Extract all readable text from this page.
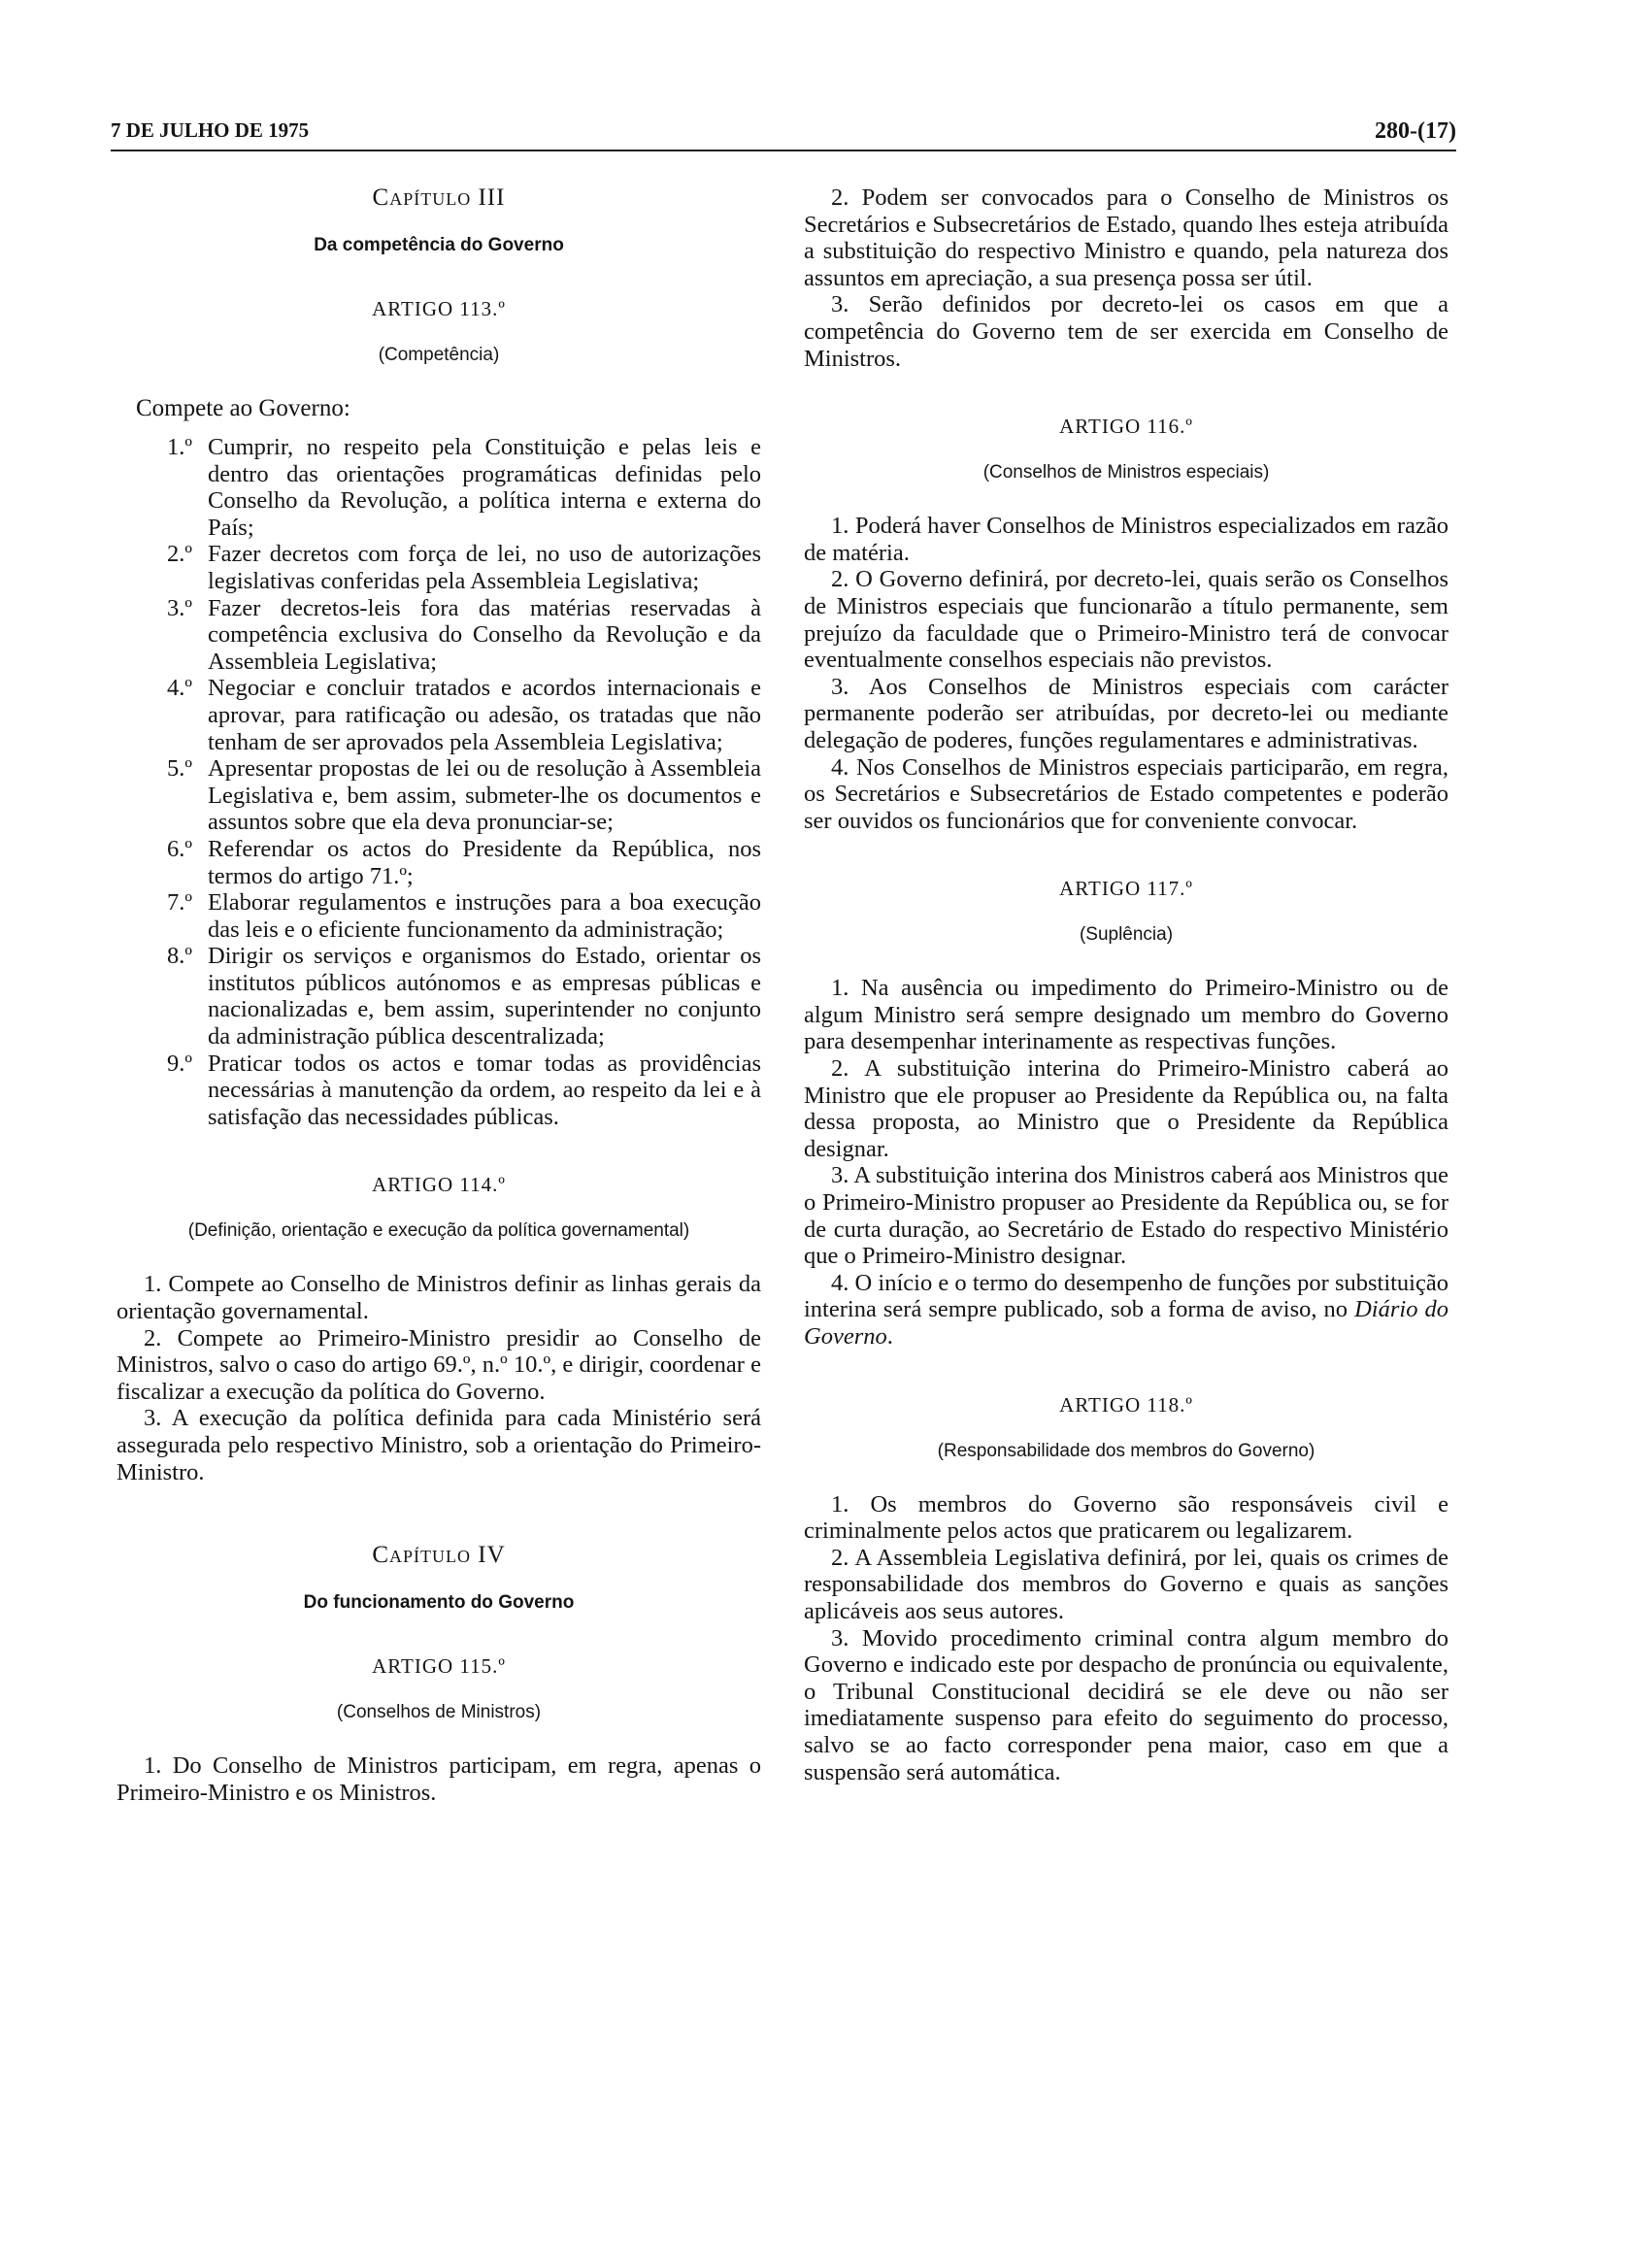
7 DE JULHO DE 1975	280-(17)
Capítulo III
Da competência do Governo
ARTIGO 113.º
(Competência)

Compete ao Governo:

1.º Cumprir, no respeito pela Constituição e pelas leis e dentro das orientações programáticas definidas pelo Conselho da Revolução, a política interna e externa do País;
2.º Fazer decretos com força de lei, no uso de autorizações legislativas conferidas pela Assembleia Legislativa;
3.º Fazer decretos-leis fora das matérias reservadas à competência exclusiva do Conselho da Revolução e da Assembleia Legislativa;
4.º Negociar e concluir tratados e acordos internacionais e aprovar, para ratificação ou adesão, os tratadas que não tenham de ser aprovados pela Assembleia Legislativa;
5.º Apresentar propostas de lei ou de resolução à Assembleia Legislativa e, bem assim, submeter-lhe os documentos e assuntos sobre que ela deva pronunciar-se;
6.º Referendar os actos do Presidente da República, nos termos do artigo 71.º;
7.º Elaborar regulamentos e instruções para a boa execução das leis e o eficiente funcionamento da administração;
8.º Dirigir os serviços e organismos do Estado, orientar os institutos públicos autónomos e as empresas públicas e nacionalizadas e, bem assim, superintender no conjunto da administração pública descentralizada;
9.º Praticar todos os actos e tomar todas as providências necessárias à manutenção da ordem, ao respeito da lei e à satisfação das necessidades públicas.
ARTIGO 114.º
(Definição, orientação e execução da política governamental)

1. Compete ao Conselho de Ministros definir as linhas gerais da orientação governamental.

2. Compete ao Primeiro-Ministro presidir ao Conselho de Ministros, salvo o caso do artigo 69.º, n.º 10.º, e dirigir, coordenar e fiscalizar a execução da política do Governo.

3. A execução da política definida para cada Ministério será assegurada pelo respectivo Ministro, sob a orientação do Primeiro-Ministro.

Capítulo IV
Do funcionamento do Governo
ARTIGO 115.º
(Conselhos de Ministros)

1. Do Conselho de Ministros participam, em regra, apenas o Primeiro-Ministro e os Ministros.

2. Podem ser convocados para o Conselho de Ministros os Secretários e Subsecretários de Estado, quando lhes esteja atribuída a substituição do respectivo Ministro e quando, pela natureza dos assuntos em apreciação, a sua presença possa ser útil.

3. Serão definidos por decreto-lei os casos em que a competência do Governo tem de ser exercida em Conselho de Ministros.

ARTIGO 116.º
(Conselhos de Ministros especiais)

1. Poderá haver Conselhos de Ministros especializados em razão de matéria.

2. O Governo definirá, por decreto-lei, quais serão os Conselhos de Ministros especiais que funcionarão a título permanente, sem prejuízo da faculdade que o Primeiro-Ministro terá de convocar eventualmente conselhos especiais não previstos.

3. Aos Conselhos de Ministros especiais com carácter permanente poderão ser atribuídas, por decreto-lei ou mediante delegação de poderes, funções regulamentares e administrativas.

4. Nos Conselhos de Ministros especiais participarão, em regra, os Secretários e Subsecretários de Estado competentes e poderão ser ouvidos os funcionários que for conveniente convocar.

ARTIGO 117.º
(Suplência)

1. Na ausência ou impedimento do Primeiro-Ministro ou de algum Ministro será sempre designado um membro do Governo para desempenhar interinamente as respectivas funções.

2. A substituição interina do Primeiro-Ministro caberá ao Ministro que ele propuser ao Presidente da República ou, na falta dessa proposta, ao Ministro que o Presidente da República designar.

3. A substituição interina dos Ministros caberá aos Ministros que o Primeiro-Ministro propuser ao Presidente da República ou, se for de curta duração, ao Secretário de Estado do respectivo Ministério que o Primeiro-Ministro designar.

4. O início e o termo do desempenho de funções por substituição interina será sempre publicado, sob a forma de aviso, no Diário do Governo.

ARTIGO 118.º
(Responsabilidade dos membros do Governo)

1. Os membros do Governo são responsáveis civil e criminalmente pelos actos que praticarem ou legalizarem.

2. A Assembleia Legislativa definirá, por lei, quais os crimes de responsabilidade dos membros do Governo e quais as sanções aplicáveis aos seus autores.

3. Movido procedimento criminal contra algum membro do Governo e indicado este por despacho de pronúncia ou equivalente, o Tribunal Constitucional decidirá se ele deve ou não ser imediatamente suspenso para efeito do seguimento do processo, salvo se ao facto corresponder pena maior, caso em que a suspensão será automática.
